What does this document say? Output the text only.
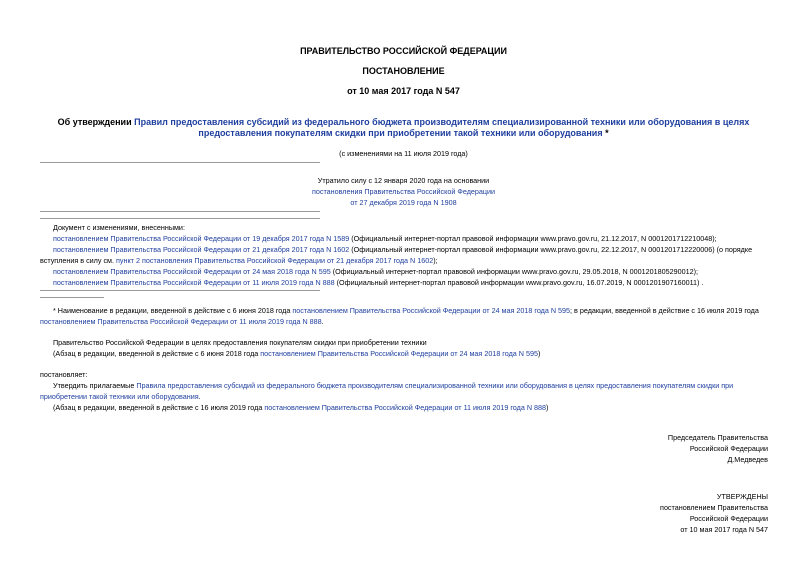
ПРАВИТЕЛЬСТВО РОССИЙСКОЙ ФЕДЕРАЦИИ
ПОСТАНОВЛЕНИЕ
от 10 мая 2017 года N 547
Об утверждении Правил предоставления субсидий из федерального бюджета производителям специализированной техники или оборудования в целях
предоставления покупателям скидки при приобретении такой техники или оборудования *
(с изменениями на 11 июля 2019 года)
Утратило силу с 12 января 2020 года на основании
постановления Правительства Российской Федерации
от 27 декабря 2019 года N 1908
Документ с изменениями, внесенными:
постановлением Правительства Российской Федерации от 19 декабря 2017 года N 1589 (Официальный интернет-портал правовой информации www.pravo.gov.ru, 21.12.2017, N 0001201712210048);
постановлением Правительства Российской Федерации от 21 декабря 2017 года N 1602 (Официальный интернет-портал правовой информации www.pravo.gov.ru, 22.12.2017, N 0001201712220006) (о порядке
вступления в силу см. пункт 2 постановления Правительства Российской Федерации от 21 декабря 2017 года N 1602);
постановлением Правительства Российской Федерации от 24 мая 2018 года N 595 (Официальный интернет-портал правовой информации www.pravo.gov.ru, 29.05.2018, N 0001201805290012);
постановлением Правительства Российской Федерации от 11 июля 2019 года N 888 (Официальный интернет-портал правовой информации www.pravo.gov.ru, 16.07.2019, N 0001201907160011) .
* Наименование в редакции, введенной в действие с 6 июня 2018 года постановлением Правительства Российской Федерации от 24 мая 2018 года N 595; в редакции, введенной в действие с 16 июля 2019 года
постановлением Правительства Российской Федерации от 11 июля 2019 года N 888.
Правительство Российской Федерации в целях предоставления покупателям скидки при приобретении техники
(Абзац в редакции, введенной в действие с 6 июня 2018 года постановлением Правительства Российской Федерации от 24 мая 2018 года N 595)
постановляет:
Утвердить прилагаемые Правила предоставления субсидий из федерального бюджета производителям специализированной техники или оборудования в целях предоставления покупателям скидки при
приобретении такой техники или оборудования.
(Абзац в редакции, введенной в действие с 16 июля 2019 года постановлением Правительства Российской Федерации от 11 июля 2019 года N 888)
Председатель Правительства
Российской Федерации
Д.Медведев
УТВЕРЖДЕНЫ
постановлением Правительства
Российской Федерации
от 10 мая 2017 года N 547
